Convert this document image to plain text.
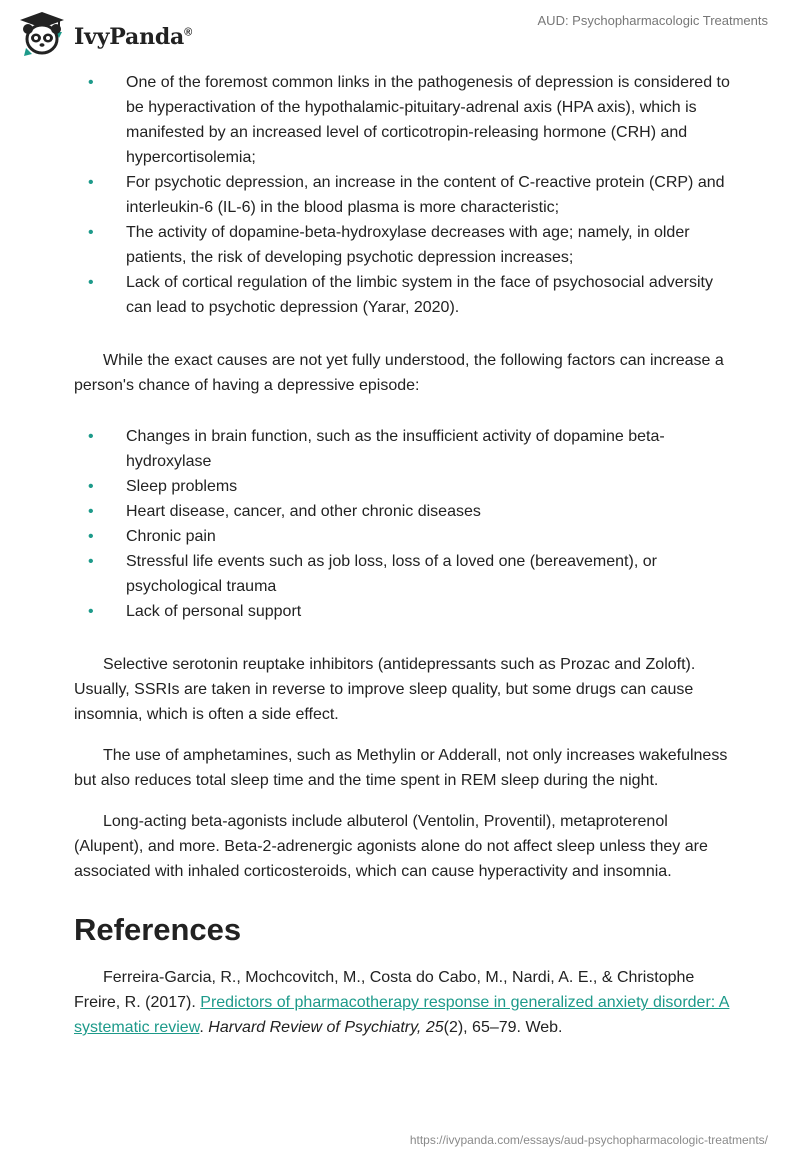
IvyPanda®
AUD: Psychopharmacologic Treatments
• One of the foremost common links in the pathogenesis of depression is considered to be hyperactivation of the hypothalamic-pituitary-adrenal axis (HPA axis), which is manifested by an increased level of corticotropin-releasing hormone (CRH) and hypercortisolemia;
• For psychotic depression, an increase in the content of C-reactive protein (CRP) and interleukin-6 (IL-6) in the blood plasma is more characteristic;
• The activity of dopamine-beta-hydroxylase decreases with age; namely, in older patients, the risk of developing psychotic depression increases;
• Lack of cortical regulation of the limbic system in the face of psychosocial adversity can lead to psychotic depression (Yarar, 2020).

While the exact causes are not yet fully understood, the following factors can increase a person's chance of having a depressive episode:

• Changes in brain function, such as the insufficient activity of dopamine beta-hydroxylase
• Sleep problems
• Heart disease, cancer, and other chronic diseases
• Chronic pain
• Stressful life events such as job loss, loss of a loved one (bereavement), or psychological trauma
• Lack of personal support

Selective serotonin reuptake inhibitors (antidepressants such as Prozac and Zoloft). Usually, SSRIs are taken in reverse to improve sleep quality, but some drugs can cause insomnia, which is often a side effect.

The use of amphetamines, such as Methylin or Adderall, not only increases wakefulness but also reduces total sleep time and the time spent in REM sleep during the night.

Long-acting beta-agonists include albuterol (Ventolin, Proventil), metaproterenol (Alupent), and more. Beta-2-adrenergic agonists alone do not affect sleep unless they are associated with inhaled corticosteroids, which can cause hyperactivity and insomnia.

References

Ferreira-Garcia, R., Mochcovitch, M., Costa do Cabo, M., Nardi, A. E., & Christophe Freire, R. (2017). Predictors of pharmacotherapy response in generalized anxiety disorder: A systematic review. Harvard Review of Psychiatry, 25(2), 65–79. Web.

https://ivypanda.com/essays/aud-psychopharmacologic-treatments/
